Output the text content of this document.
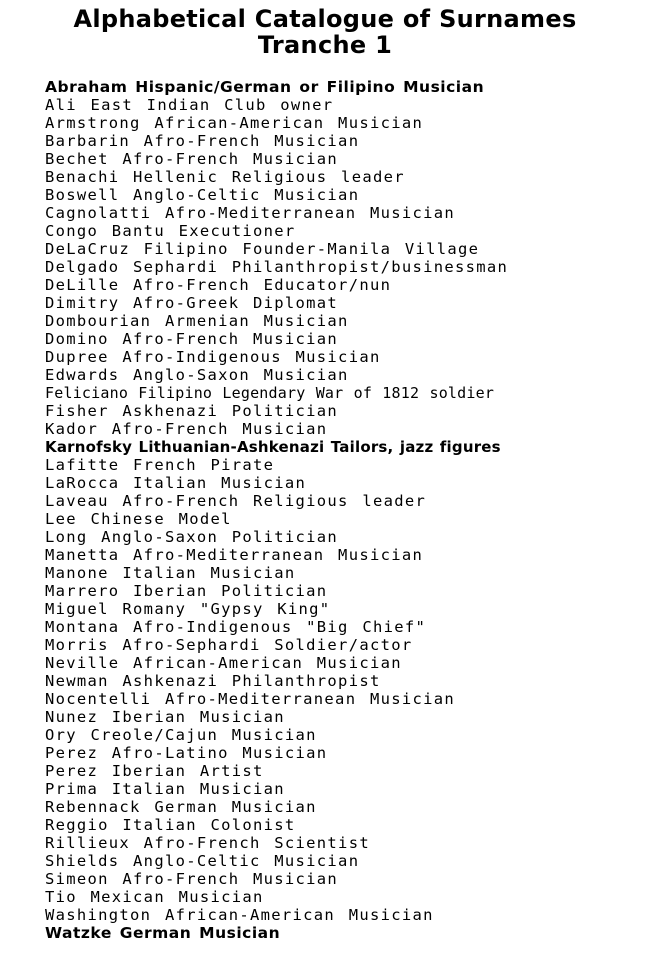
Alphabetical Catalogue of Surnames
Tranche 1
Abraham Hispanic/German or Filipino Musician
Ali East Indian Club owner
Armstrong African-American Musician
Barbarin Afro-French Musician
Bechet Afro-French Musician
Benachi Hellenic Religious leader
Boswell Anglo-Celtic Musician
Cagnolatti Afro-Mediterranean Musician
Congo Bantu Executioner
DeLaCruz Filipino Founder-Manila Village
Delgado Sephardi Philanthropist/businessman
DeLille Afro-French Educator/nun
Dimitry Afro-Greek Diplomat
Dombourian Armenian Musician
Domino Afro-French Musician
Dupree Afro-Indigenous Musician
Edwards Anglo-Saxon Musician
Feliciano Filipino Legendary War of 1812 soldier
Fisher Askhenazi Politician
Kador Afro-French Musician
Karnofsky Lithuanian-Ashkenazi Tailors, jazz figures
Lafitte French Pirate
LaRocca Italian Musician
Laveau Afro-French Religious leader
Lee Chinese Model
Long Anglo-Saxon Politician
Manetta Afro-Mediterranean Musician
Manone Italian Musician
Marrero Iberian Politician
Miguel Romany "Gypsy King"
Montana Afro-Indigenous "Big Chief"
Morris Afro-Sephardi Soldier/actor
Neville African-American Musician
Newman Ashkenazi Philanthropist
Nocentelli Afro-Mediterranean Musician
Nunez Iberian Musician
Ory Creole/Cajun Musician
Perez Afro-Latino Musician
Perez Iberian Artist
Prima Italian Musician
Rebennack German Musician
Reggio Italian Colonist
Rillieux Afro-French Scientist
Shields Anglo-Celtic Musician
Simeon Afro-French Musician
Tio Mexican Musician
Washington African-American Musician
Watzke German Musician
